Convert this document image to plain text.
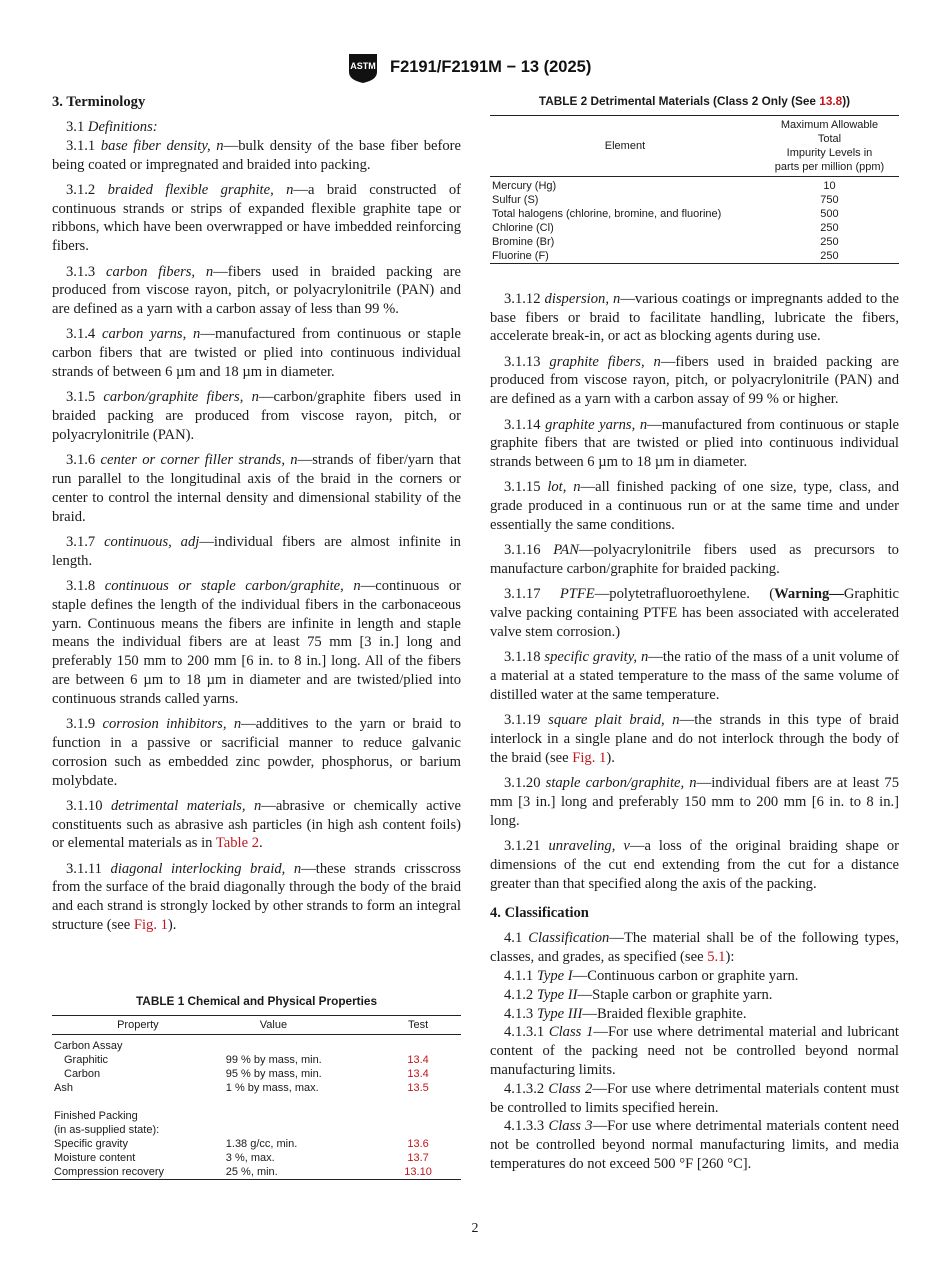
ASTM F2191/F2191M − 13 (2025)
3. Terminology

3.1 Definitions:

3.1.1 base fiber density, n—bulk density of the base fiber before being coated or impregnated and braided into packing.

3.1.2 braided flexible graphite, n—a braid constructed of continuous strands or strips of expanded flexible graphite tape or ribbons, which have been overwrapped or have imbedded reinforcing fibers.

3.1.3 carbon fibers, n—fibers used in braided packing are produced from viscose rayon, pitch, or polyacrylonitrile (PAN) and are defined as a yarn with a carbon assay of less than 99 %.

3.1.4 carbon yarns, n—manufactured from continuous or staple carbon fibers that are twisted or plied into continuous individual strands of between 6 µm and 18 µm in diameter.

3.1.5 carbon/graphite fibers, n—carbon/graphite fibers used in braided packing are produced from viscose rayon, pitch, or polyacrylonitrile (PAN).

3.1.6 center or corner filler strands, n—strands of fiber/yarn that run parallel to the longitudinal axis of the braid in the corners or center to control the internal density and dimensional stability of the braid.

3.1.7 continuous, adj—individual fibers are almost infinite in length.

3.1.8 continuous or staple carbon/graphite, n—continuous or staple defines the length of the individual fibers in the carbonaceous yarn. Continuous means the fibers are infinite in length and staple means the individual fibers are at least 75 mm [3 in.] long and preferably 150 mm to 200 mm [6 in. to 8 in.] long. All of the fibers are between 6 µm to 18 µm in diameter and are twisted/plied into continuous strands called yarns.

3.1.9 corrosion inhibitors, n—additives to the yarn or braid to function in a passive or sacrificial manner to reduce galvanic corrosion such as embedded zinc powder, phosphorus, or barium molybdate.

3.1.10 detrimental materials, n—abrasive or chemically active constituents such as abrasive ash particles (in high ash content foils) or elemental materials as in Table 2.

3.1.11 diagonal interlocking braid, n—these strands crisscross from the surface of the braid diagonally through the body of the braid and each strand is strongly locked by other strands to form an integral structure (see Fig. 1).

TABLE 1 Chemical and Physical Properties
Property	Value	Test

Carbon Assay		
Graphitic	99 % by mass, min.	13.4
Carbon	95 % by mass, min.	13.4
Ash	1 % by mass, max.	13.5

Finished Packing		
(in as-supplied state):		
Specific gravity	1.38 g/cc, min.	13.6
Moisture content	3 %, max.	13.7
Compression recovery	25 %, min.	13.10
TABLE 2 Detrimental Materials (Class 2 Only (See 13.8))
Element	Maximum Allowable
Total
Impurity Levels in
parts per million (ppm)

Mercury (Hg)	10
Sulfur (S)	750
Total halogens (chlorine, bromine, and fluorine)	500
Chlorine (Cl)	250
Bromine (Br)	250
Fluorine (F)	250

3.1.12 dispersion, n—various coatings or impregnants added to the base fibers or braid to facilitate handling, lubricate the fibers, accelerate break-in, or act as blocking agents during use.

3.1.13 graphite fibers, n—fibers used in braided packing are produced from viscose rayon, pitch, or polyacrylonitrile (PAN) and are defined as a yarn with a carbon assay of 99 % or higher.

3.1.14 graphite yarns, n—manufactured from continuous or staple graphite fibers that are twisted or plied into continuous individual strands between 6 µm to 18 µm in diameter.

3.1.15 lot, n—all finished packing of one size, type, class, and grade produced in a continuous run or at the same time and under essentially the same conditions.

3.1.16 PAN—polyacrylonitrile fibers used as precursors to manufacture carbon/graphite for braided packing.

3.1.17 PTFE—polytetrafluoroethylene. (Warning—Graphitic valve packing containing PTFE has been associated with accelerated valve stem corrosion.)

3.1.18 specific gravity, n—the ratio of the mass of a unit volume of a material at a stated temperature to the mass of the same volume of distilled water at the same temperature.

3.1.19 square plait braid, n—the strands in this type of braid interlock in a single plane and do not interlock through the body of the braid (see Fig. 1).

3.1.20 staple carbon/graphite, n—individual fibers are at least 75 mm [3 in.] long and preferably 150 mm to 200 mm [6 in. to 8 in.] long.

3.1.21 unraveling, v—a loss of the original braiding shape or dimensions of the cut end extending from the cut for a distance greater than that specified along the axis of the packing.

4. Classification

4.1 Classification—The material shall be of the following types, classes, and grades, as specified (see 5.1):

4.1.1 Type I—Continuous carbon or graphite yarn.

4.1.2 Type II—Staple carbon or graphite yarn.

4.1.3 Type III—Braided flexible graphite.

4.1.3.1 Class 1—For use where detrimental material and lubricant content of the packing need not be controlled beyond normal manufacturing limits.

4.1.3.2 Class 2—For use where detrimental materials content must be controlled to limits specified herein.

4.1.3.3 Class 3—For use where detrimental materials content need not be controlled beyond normal manufacturing limits, and media temperatures do not exceed 500 °F [260 °C].

2
